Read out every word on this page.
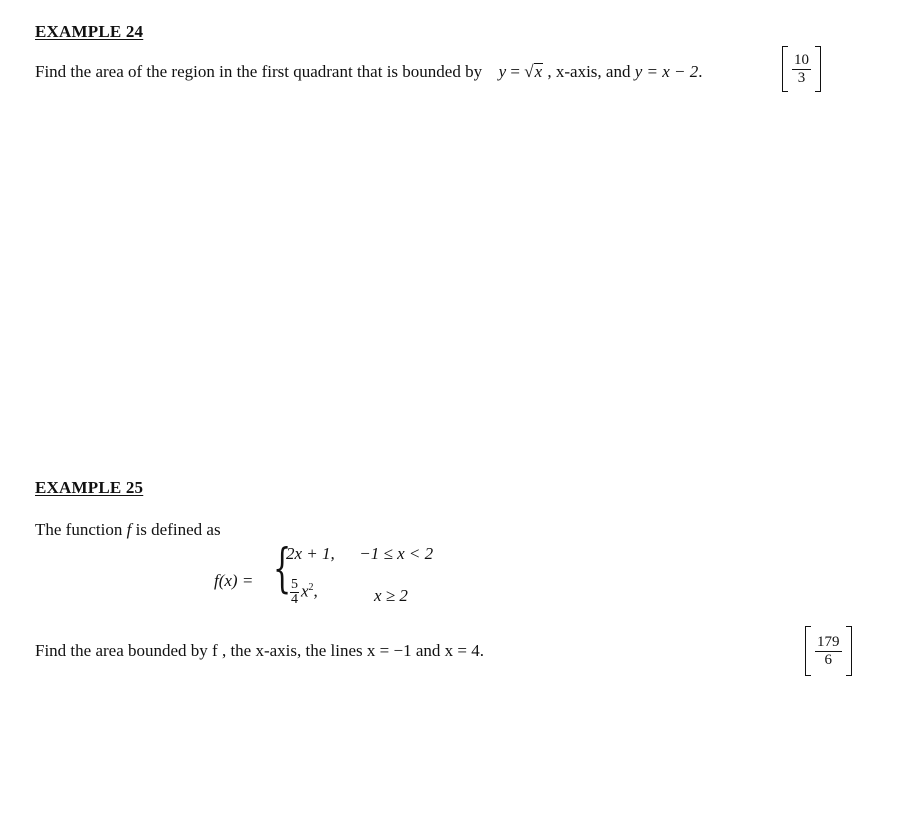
EXAMPLE 24
Find the area of the region in the first quadrant that is bounded by y = √x , x-axis, and y = x − 2.	$\frac{10}{3}$
EXAMPLE 25
The function f is defined as
f(x) = {
2x + 1, −1 ≤ x < 2
$\frac{5}{4} x^2$,	x ≥ 2
Find the area bounded by f , the x-axis, the lines x = −1 and x = 4.	$\frac{179}{6}$
